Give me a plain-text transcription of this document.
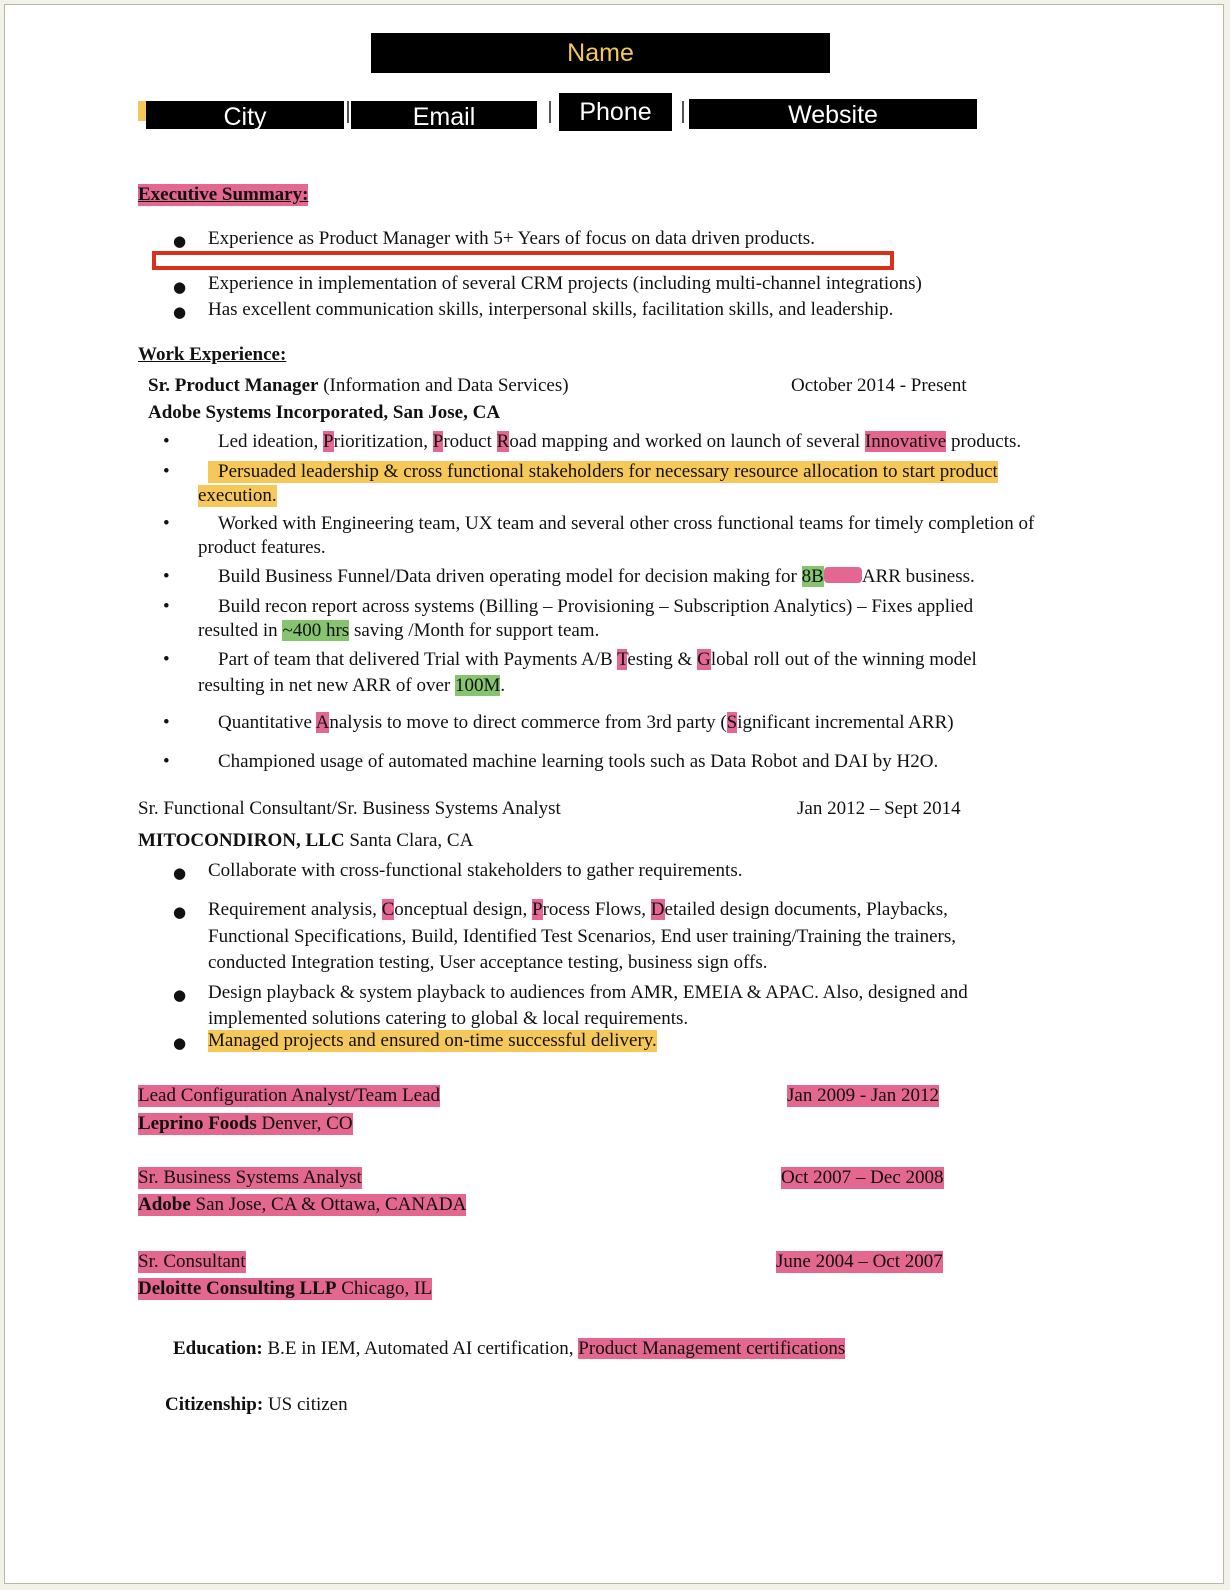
Name
City	Email	Phone	Website
Executive Summary:
● Experience as Product Manager with 5+ Years of focus on data driven products.
● Experience in implementation of several CRM projects (including multi-channel integrations)
● Has excellent communication skills, interpersonal skills, facilitation skills, and leadership.
Work Experience:
Sr. Product Manager (Information and Data Services)	October 2014 - Present
Adobe Systems Incorporated, San Jose, CA
•	Led ideation, Prioritization, Product Road mapping and worked on launch of several Innovative products.
•	Persuaded leadership & cross functional stakeholders for necessary resource allocation to start product
execution.
•	Worked with Engineering team, UX team and several other cross functional teams for timely completion of
product features.
•	Build Business Funnel/Data driven operating model for decision making for 8B ARR business.
•	Build recon report across systems (Billing – Provisioning – Subscription Analytics) – Fixes applied
resulted in ~400 hrs saving /Month for support team.
•	Part of team that delivered Trial with Payments A/B Testing & Global roll out of the winning model
resulting in net new ARR of over 100M.
•	Quantitative Analysis to move to direct commerce from 3rd party (Significant incremental ARR)
•	Championed usage of automated machine learning tools such as Data Robot and DAI by H2O.
Sr. Functional Consultant/Sr. Business Systems Analyst	Jan 2012 – Sept 2014
MITOCONDIRON, LLC Santa Clara, CA
● Collaborate with cross-functional stakeholders to gather requirements.
● Requirement analysis, Conceptual design, Process Flows, Detailed design documents, Playbacks,
Functional Specifications, Build, Identified Test Scenarios, End user training/Training the trainers,
conducted Integration testing, User acceptance testing, business sign offs.
● Design playback & system playback to audiences from AMR, EMEIA & APAC. Also, designed and
implemented solutions catering to global & local requirements.
● Managed projects and ensured on-time successful delivery.
Lead Configuration Analyst/Team Lead	Jan 2009 - Jan 2012
Leprino Foods Denver, CO
Sr. Business Systems Analyst	Oct 2007 – Dec 2008
Adobe San Jose, CA & Ottawa, CANADA
Sr. Consultant	June 2004 – Oct 2007
Deloitte Consulting LLP Chicago, IL
Education: B.E in IEM, Automated AI certification, Product Management certifications
Citizenship: US citizen
